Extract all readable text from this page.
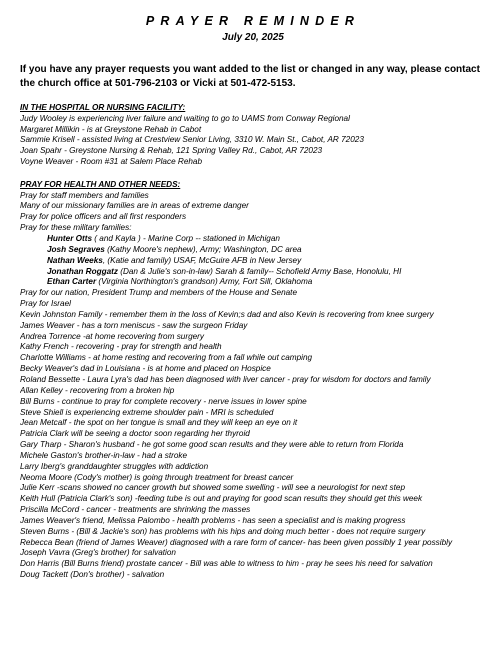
PRAYER REMINDER
July 20, 2025

If you have any prayer requests you want added to the list or changed in any way, please contact the church office at 501-796-2103 or Vicki at 501-472-5153.

IN THE HOSPITAL OR NURSING FACILITY:
Judy Wooley is experiencing liver failure and waiting to go to UAMS from Conway Regional
Margaret Millikin - is at Greystone Rehab in Cabot
Sammie Krisell - assisted living at Crestview Senior Living, 3310 W. Main St., Cabot, AR 72023
Joan Spahr - Greystone Nursing & Rehab, 121 Spring Valley Rd., Cabot, AR 72023
Voyne Weaver - Room #31 at Salem Place Rehab
PRAY FOR HEALTH AND OTHER NEEDS:
Pray for staff members and families
Many of our missionary families are in areas of extreme danger
Pray for police officers and all first responders
Pray for these military families:
Hunter Otts ( and Kayla ) - Marine Corp -- stationed in Michigan
Josh Segraves (Kathy Moore's nephew), Army; Washington, DC area
Nathan Weeks, (Katie and family) USAF, McGuire AFB in New Jersey
Jonathan Roggatz (Dan & Julie's son-in-law) Sarah & family-- Schofield Army Base, Honolulu, HI
Ethan Carter (Virginia Northington's grandson) Army, Fort Sill, Oklahoma
Pray for our nation, President Trump and members of the House and Senate
Pray for Israel
Kevin Johnston Family - remember them in the loss of Kevin;s dad and also Kevin is recovering from knee surgery
James Weaver - has a torn meniscus - saw the surgeon Friday
Andrea Torrence -at home recovering from surgery
Kathy French - recovering - pray for strength and health
Charlotte Williams - at home resting and recovering from a fall while out camping
Becky Weaver's dad in Louisiana - is at home and placed on Hospice
Roland Bessette - Laura Lyra's dad has been diagnosed with liver cancer - pray for wisdom for doctors and family
Allan Kelley - recovering from a broken hip
Bill Burns - continue to pray for complete recovery - nerve issues in lower spine
Steve Shiell is experiencing extreme shoulder pain - MRI is scheduled
Jean Metcalf - the spot on her tongue is small and they will keep an eye on it
Patricia Clark will be seeing a doctor soon regarding her thyroid
Gary Tharp - Sharon's husband - he got some good scan results and they were able to return from Florida
Michele Gaston's brother-in-law - had a stroke
Larry Iberg's granddaughter struggles with addiction
Neoma Moore (Cody's mother) is going through treatment for breast cancer
Julie Kerr -scans showed no cancer growth but showed some swelling - will see a neurologist for next step
Keith Hull (Patricia Clark's son) -feeding tube is out and praying for good scan results they should get this week
Priscilla McCord - cancer - treatments are shrinking the masses
James Weaver's friend, Melissa Palombo - health problems - has seen a specialist and is making progress
Steven Burns - (Bill & Jackie's son) has problems with his hips and doing much better - does not require surgery
Rebecca Bean (friend of James Weaver) diagnosed with a rare form of cancer- has been given possibly 1 year possibly
Joseph Vavra (Greg's brother) for salvation
Don Harris (Bill Burns friend) prostate cancer - Bill was able to witness to him - pray he sees his need for salvation
Doug Tackett (Don's brother) - salvation
